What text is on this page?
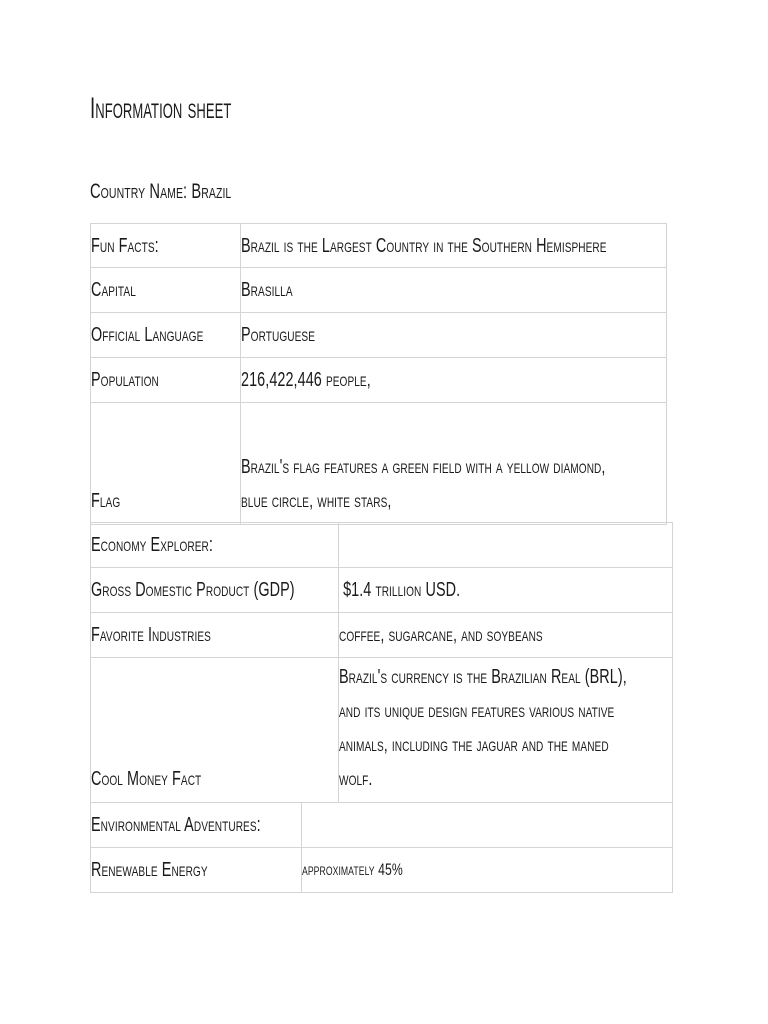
Information sheet
Country Name: Brazil
Fun Facts:	Brazil is the Largest Country in the Southern Hemisphere

Capital	Brasilla

Official Language	Portuguese

Population	216,422,446 people,

Flag	Brazil's flag features a green field with a yellow diamond,
blue circle, white stars,
Economy Explorer:	

Gross Domestic Product (GDP)	$1.4 trillion USD.

Favorite Industries	coffee, sugarcane, and soybeans

Cool Money Fact	Brazil's currency is the Brazilian Real (BRL),
and its unique design features various native
animals, including the jaguar and the maned
wolf.
Environmental Adventures:	

Renewable Energy	approximately 45%
